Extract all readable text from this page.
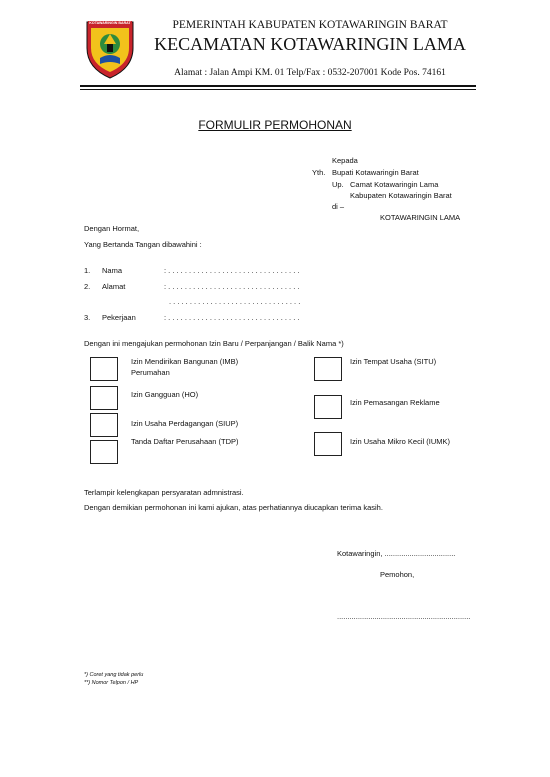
KOTAWARINGIN BARAT	PEMERINTAH KABUPATEN KOTAWARINGIN BARAT
KECAMATAN KOTAWARINGIN LAMA
Alamat : Jalan Ampi KM. 01 Telp/Fax : 0532-207001 Kode Pos. 74161
FORMULIR PERMOHONAN
Kepada
Yth. Bupati Kotawaringin Barat
Up. Camat Kotawaringin Lama
Kabupaten Kotawaringin Barat
di –
KOTAWARINGIN LAMA
Dengan Hormat,
Yang Bertanda Tangan dibawahini :
1. Nama	: . . . . . . . . . . . . . . . . . . . . . . . . . . . . . . . .
2. Alamat	: . . . . . . . . . . . . . . . . . . . . . . . . . . . . . . . .
. . . . . . . . . . . . . . . . . . . . . . . . . . . . . . . .
3. Pekerjaan	: . . . . . . . . . . . . . . . . . . . . . . . . . . . . . . . .
Dengan ini mengajukan permohonan Izin Baru / Perpanjangan / Balik Nama *)
Izin Mendirikan Bangunan (IMB)
Perumahan
Izin Gangguan (HO)
Izin Usaha Perdagangan (SIUP)
Tanda Daftar Perusahaan (TDP)
Izin Tempat Usaha (SITU)
Izin Pemasangan Reklame
Izin Usaha Mikro Kecil (IUMK)
Terlampir kelengkapan persyaratan admnistrasi.
Dengan demikian permohonan ini kami ajukan, atas perhatiannya diucapkan terima kasih.
Kotawaringin, ..................................
Pemohon,
................................................................
*) Coret yang tidak perlu
**) Nomor Telpon / HP
